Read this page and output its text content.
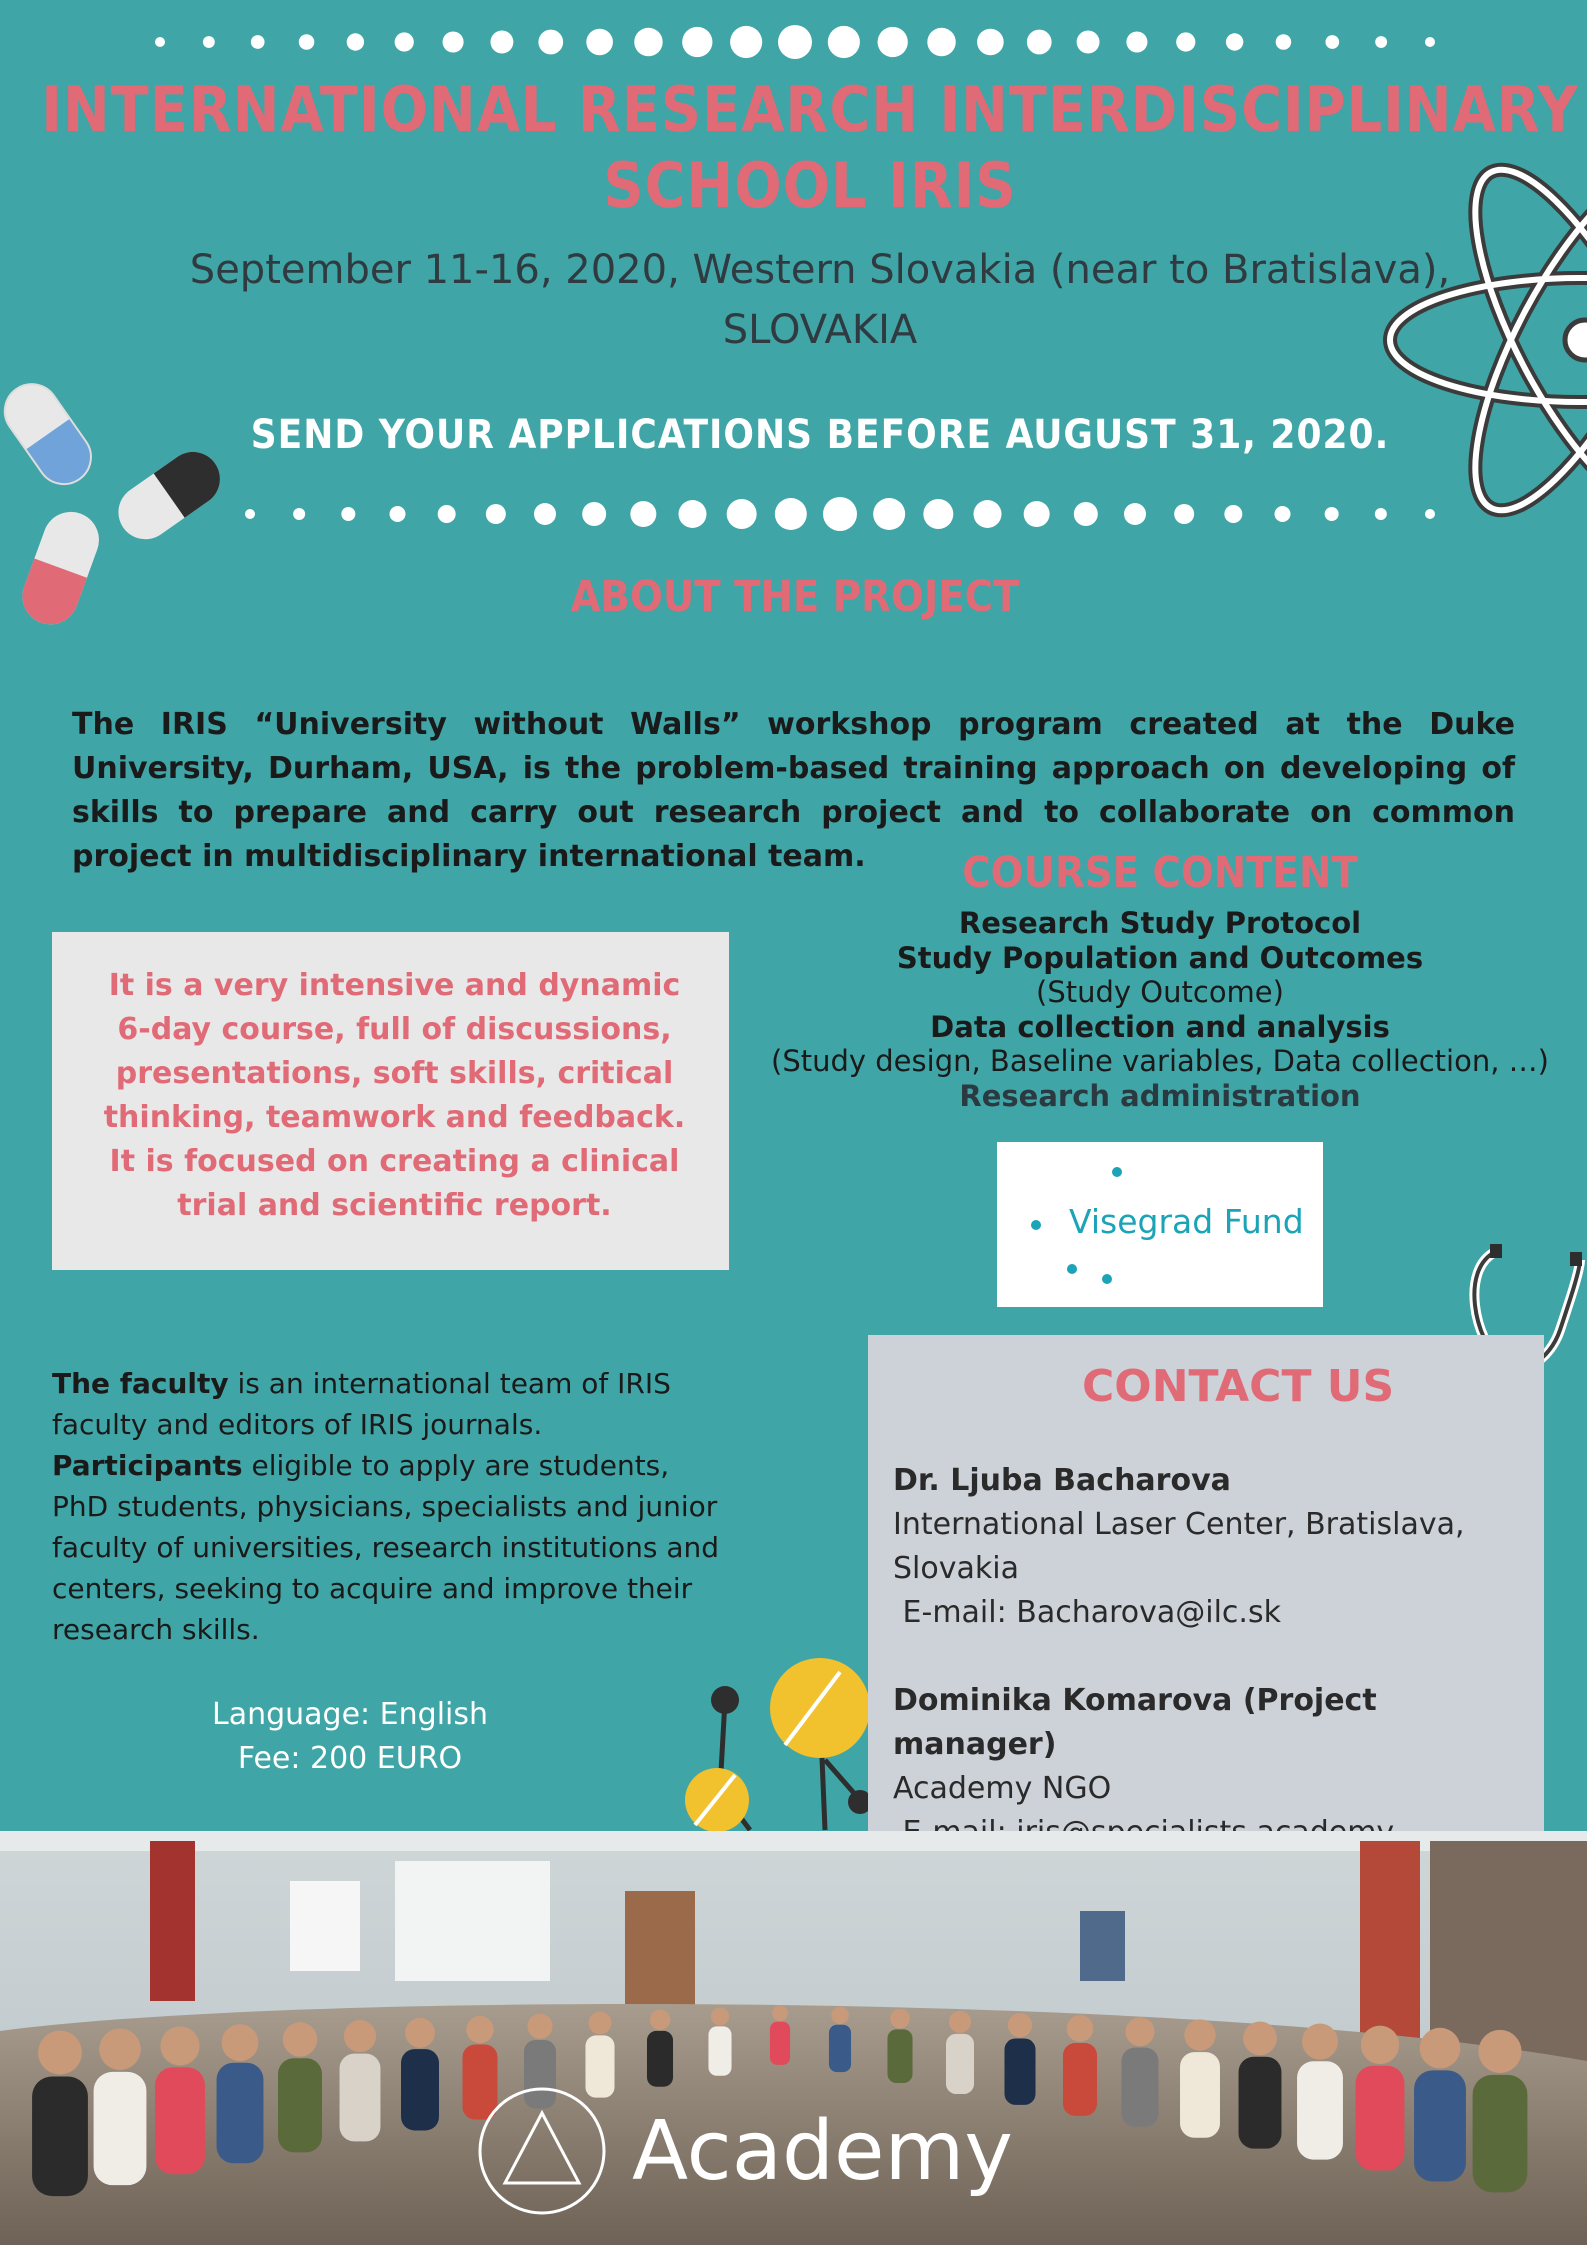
INTERNATIONAL RESEARCH INTERDISCIPLINARY SCHOOL IRIS
September 11-16, 2020, Western Slovakia (near to Bratislava), SLOVAKIA
SEND YOUR APPLICATIONS BEFORE AUGUST 31, 2020.
ABOUT THE PROJECT
The IRIS “University without Walls” workshop program created at the Duke University, Durham, USA, is the problem-based training approach on developing of skills to prepare and carry out research project and to collaborate on common project in multidisciplinary international team.	COURSE CONTENT
Research Study Protocol
Study Population and Outcomes
(Study Outcome)
Data collection and analysis
(Study design, Baseline variables, Data collection, …)
Research administration

It is a very intensive and dynamic 6-day course, full of discussions, presentations, soft skills, critical thinking, teamwork and feedback. It is focused on creating a clinical trial and scientific report.	Visegrad Fund
The faculty is an international team of IRIS faculty and editors of IRIS journals.
Participants eligible to apply are students, PhD students, physicians, specialists and junior faculty of universities, research institutions and centers, seeking to acquire and improve their research skills.
Language: English
Fee: 200 EURO
CONTACT US
Dr. Ljuba Bacharova
International Laser Center, Bratislava, Slovakia
E-mail: Bacharova@ilc.sk
Dominika Komarova (Project manager)
Academy NGO
Academy
